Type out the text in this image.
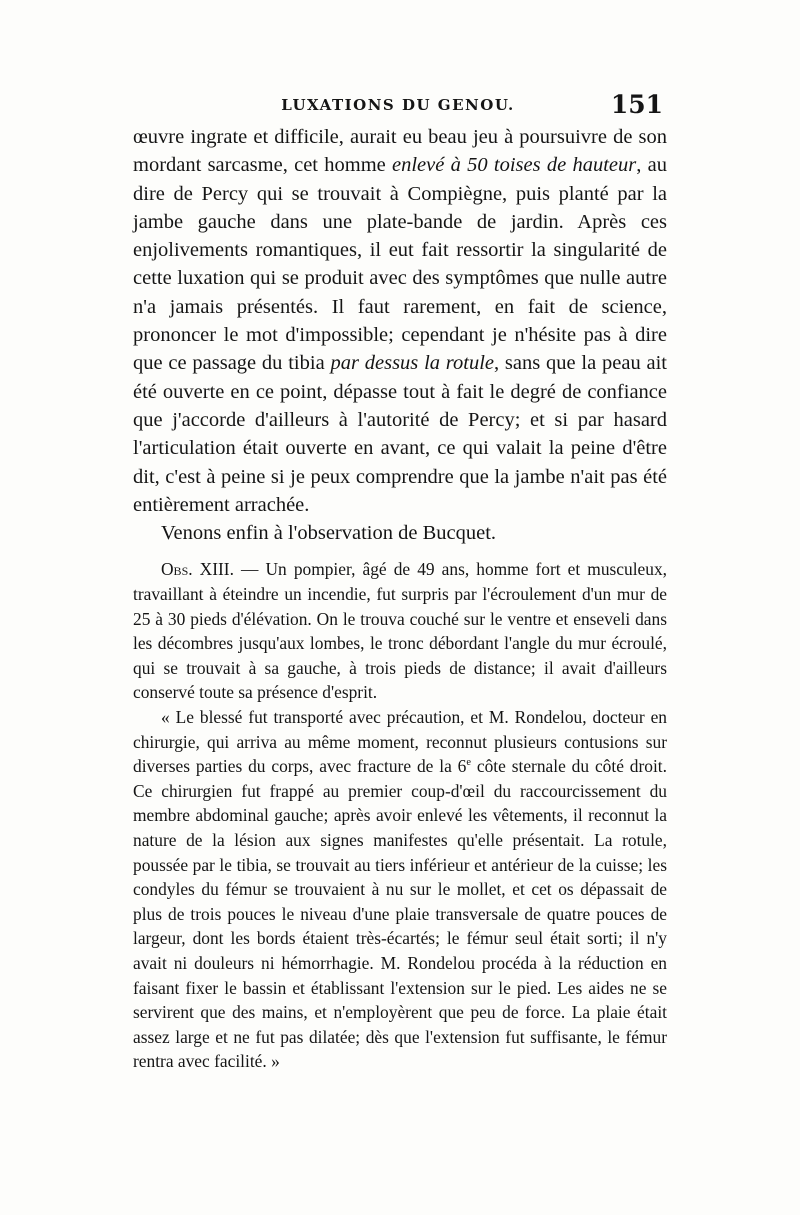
LUXATIONS DU GENOU.	151

œuvre ingrate et difficile, aurait eu beau jeu à poursuivre de son mordant sarcasme, cet homme enlevé à 50 toises de hauteur, au dire de Percy qui se trouvait à Compiègne, puis planté par la jambe gauche dans une plate-bande de jardin. Après ces enjolivements romantiques, il eut fait ressortir la singularité de cette luxation qui se produit avec des symptômes que nulle autre n'a jamais présentés. Il faut rarement, en fait de science, prononcer le mot d'impossible; cependant je n'hésite pas à dire que ce passage du tibia par dessus la rotule, sans que la peau ait été ouverte en ce point, dépasse tout à fait le degré de confiance que j'accorde d'ailleurs à l'autorité de Percy; et si par hasard l'articulation était ouverte en avant, ce qui valait la peine d'être dit, c'est à peine si je peux comprendre que la jambe n'ait pas été entièrement arrachée.

Venons enfin à l'observation de Bucquet.

Obs. XIII. — Un pompier, âgé de 49 ans, homme fort et musculeux, travaillant à éteindre un incendie, fut surpris par l'écroulement d'un mur de 25 à 30 pieds d'élévation. On le trouva couché sur le ventre et enseveli dans les décombres jusqu'aux lombes, le tronc débordant l'angle du mur écroulé, qui se trouvait à sa gauche, à trois pieds de distance; il avait d'ailleurs conservé toute sa présence d'esprit.

« Le blessé fut transporté avec précaution, et M. Rondelou, docteur en chirurgie, qui arriva au même moment, reconnut plusieurs contusions sur diverses parties du corps, avec fracture de la 6e côte sternale du côté droit. Ce chirurgien fut frappé au premier coup-d'œil du raccourcissement du membre abdominal gauche; après avoir enlevé les vêtements, il reconnut la nature de la lésion aux signes manifestes qu'elle présentait. La rotule, poussée par le tibia, se trouvait au tiers inférieur et antérieur de la cuisse; les condyles du fémur se trouvaient à nu sur le mollet, et cet os dépassait de plus de trois pouces le niveau d'une plaie transversale de quatre pouces de largeur, dont les bords étaient très-écartés; le fémur seul était sorti; il n'y avait ni douleurs ni hémorrhagie. M. Rondelou procéda à la réduction en faisant fixer le bassin et établissant l'extension sur le pied. Les aides ne se servirent que des mains, et n'employèrent que peu de force. La plaie était assez large et ne fut pas dilatée; dès que l'extension fut suffisante, le fémur rentra avec facilité. »
